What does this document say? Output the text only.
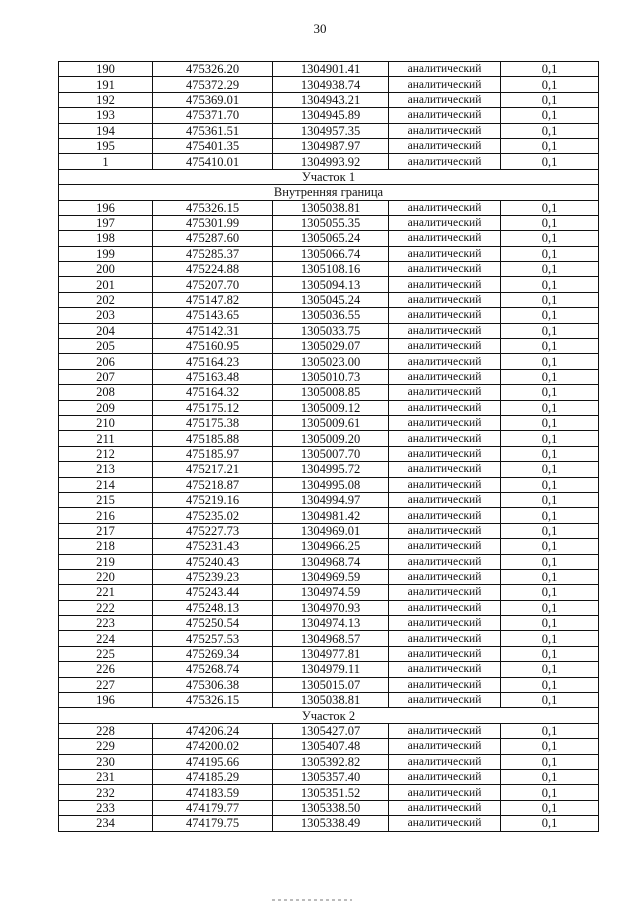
30
190	475326.20	1304901.41	аналитический	0,1
191	475372.29	1304938.74	аналитический	0,1
192	475369.01	1304943.21	аналитический	0,1
193	475371.70	1304945.89	аналитический	0,1
194	475361.51	1304957.35	аналитический	0,1
195	475401.35	1304987.97	аналитический	0,1
1	475410.01	1304993.92	аналитический	0,1
Участок 1				
Внутренняя граница				
196	475326.15	1305038.81	аналитический	0,1
197	475301.99	1305055.35	аналитический	0,1
198	475287.60	1305065.24	аналитический	0,1
199	475285.37	1305066.74	аналитический	0,1
200	475224.88	1305108.16	аналитический	0,1
201	475207.70	1305094.13	аналитический	0,1
202	475147.82	1305045.24	аналитический	0,1
203	475143.65	1305036.55	аналитический	0,1
204	475142.31	1305033.75	аналитический	0,1
205	475160.95	1305029.07	аналитический	0,1
206	475164.23	1305023.00	аналитический	0,1
207	475163.48	1305010.73	аналитический	0,1
208	475164.32	1305008.85	аналитический	0,1
209	475175.12	1305009.12	аналитический	0,1
210	475175.38	1305009.61	аналитический	0,1
211	475185.88	1305009.20	аналитический	0,1
212	475185.97	1305007.70	аналитический	0,1
213	475217.21	1304995.72	аналитический	0,1
214	475218.87	1304995.08	аналитический	0,1
215	475219.16	1304994.97	аналитический	0,1
216	475235.02	1304981.42	аналитический	0,1
217	475227.73	1304969.01	аналитический	0,1
218	475231.43	1304966.25	аналитический	0,1
219	475240.43	1304968.74	аналитический	0,1
220	475239.23	1304969.59	аналитический	0,1
221	475243.44	1304974.59	аналитический	0,1
222	475248.13	1304970.93	аналитический	0,1
223	475250.54	1304974.13	аналитический	0,1
224	475257.53	1304968.57	аналитический	0,1
225	475269.34	1304977.81	аналитический	0,1
226	475268.74	1304979.11	аналитический	0,1
227	475306.38	1305015.07	аналитический	0,1
196	475326.15	1305038.81	аналитический	0,1
Участок 2				
228	474206.24	1305427.07	аналитический	0,1
229	474200.02	1305407.48	аналитический	0,1
230	474195.66	1305392.82	аналитический	0,1
231	474185.29	1305357.40	аналитический	0,1
232	474183.59	1305351.52	аналитический	0,1
233	474179.77	1305338.50	аналитический	0,1
234	474179.75	1305338.49	аналитический	0,1
